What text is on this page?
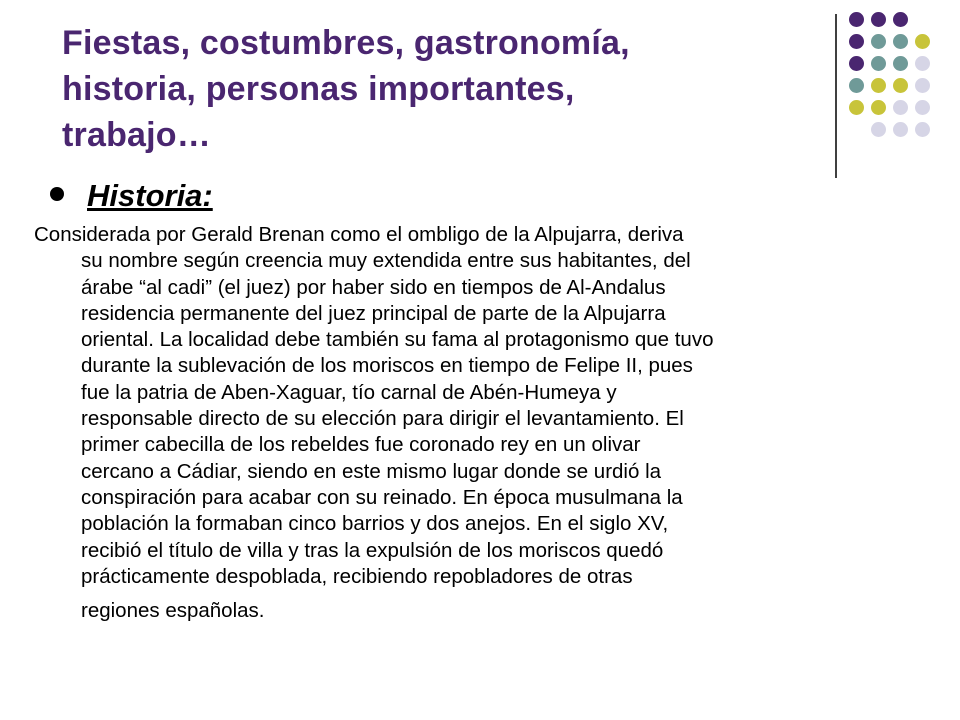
Fiestas, costumbres, gastronomía,
historia, personas importantes,
trabajo…
Historia:
Considerada por Gerald Brenan como el ombligo de la Alpujarra, deriva
su nombre según creencia muy extendida entre sus habitantes, del
árabe “al cadi” (el juez) por haber sido en tiempos de Al-Andalus
residencia permanente del juez principal de parte de la Alpujarra
oriental. La localidad debe también su fama al protagonismo que tuvo
durante la sublevación de los moriscos en tiempo de Felipe II, pues
fue la patria de Aben-Xaguar, tío carnal de Abén-Humeya y
responsable directo de su elección para dirigir el levantamiento. El
primer cabecilla de los rebeldes fue coronado rey en un olivar
cercano a Cádiar, siendo en este mismo lugar donde se urdió la
conspiración para acabar con su reinado. En época musulmana la
población la formaban cinco barrios y dos anejos. En el siglo XV,
recibió el título de villa y tras la expulsión de los moriscos quedó
prácticamente despoblada, recibiendo repobladores de otras
regiones españolas.
